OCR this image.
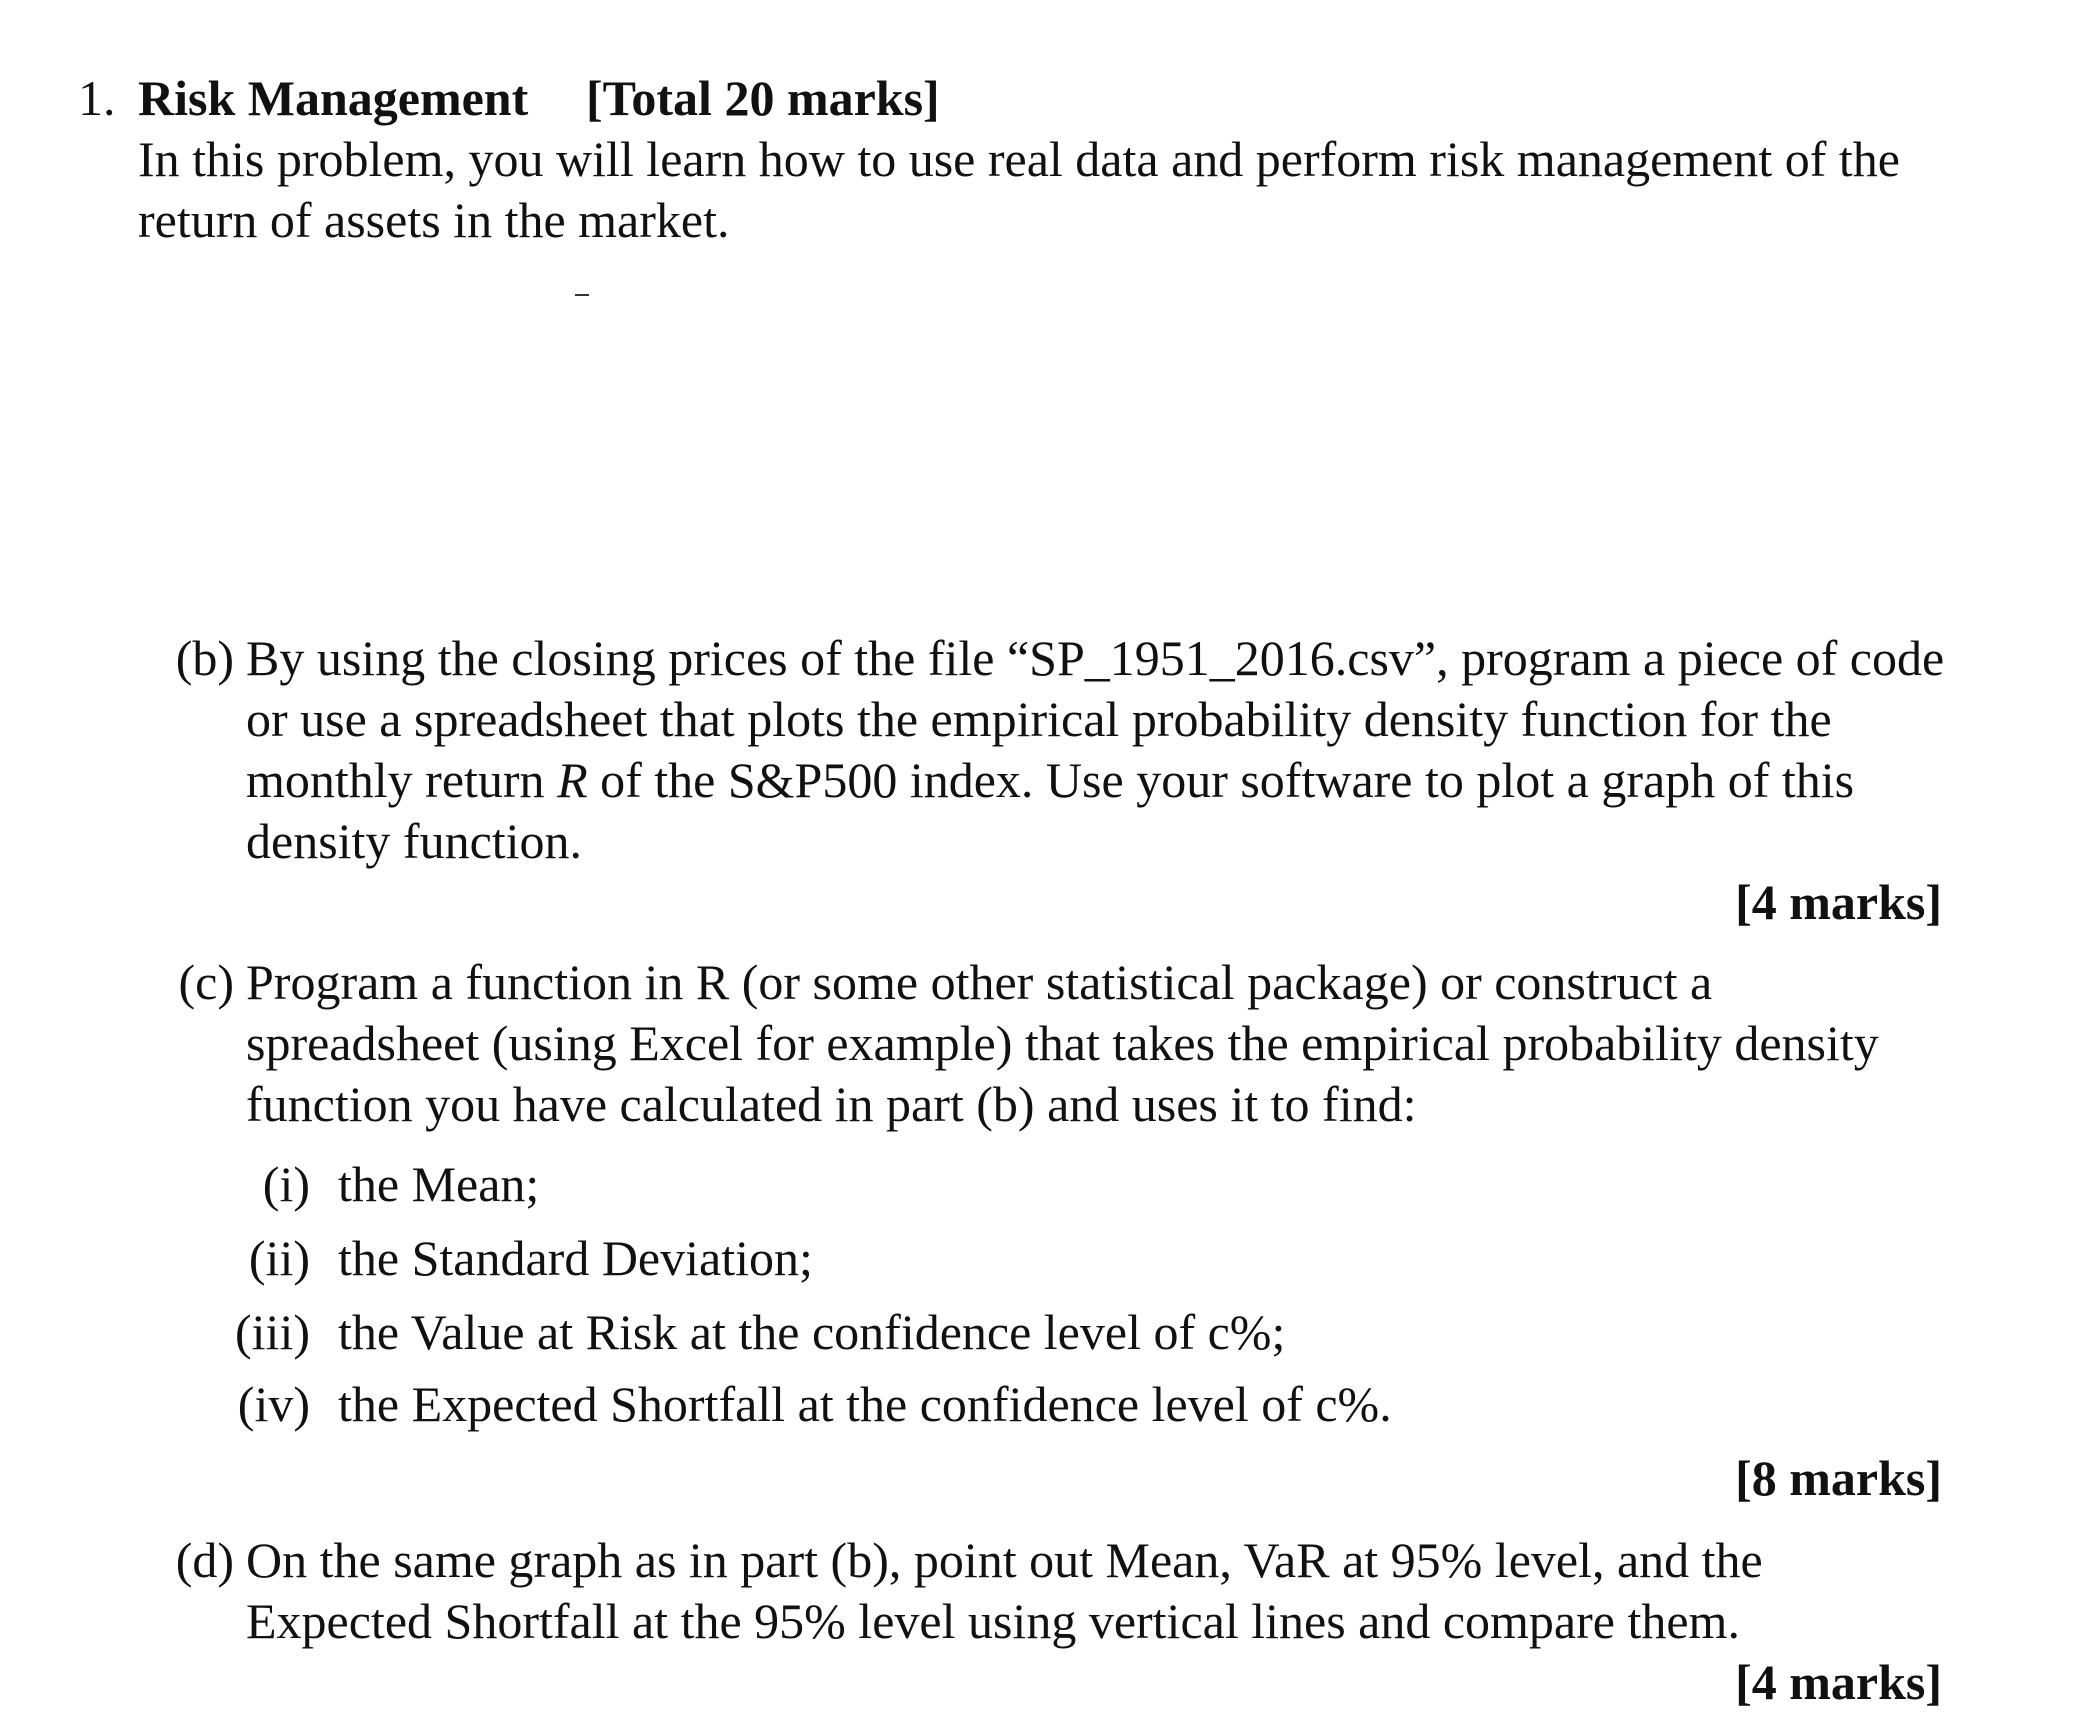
1. Risk Management [Total 20 marks]
In this problem, you will learn how to use real data and perform risk management of the
return of assets in the market.
(b) By using the closing prices of the file “SP_1951_2016.csv”, program a piece of code
or use a spreadsheet that plots the empirical probability density function for the
monthly return R of the S&P500 index. Use your software to plot a graph of this
density function.
[4 marks]
(c) Program a function in R (or some other statistical package) or construct a
spreadsheet (using Excel for example) that takes the empirical probability density
function you have calculated in part (b) and uses it to find:
(i) the Mean;
(ii) the Standard Deviation;
(iii) the Value at Risk at the confidence level of c%;
(iv) the Expected Shortfall at the confidence level of c%.
[8 marks]
(d) On the same graph as in part (b), point out Mean, VaR at 95% level, and the
Expected Shortfall at the 95% level using vertical lines and compare them.
[4 marks]
